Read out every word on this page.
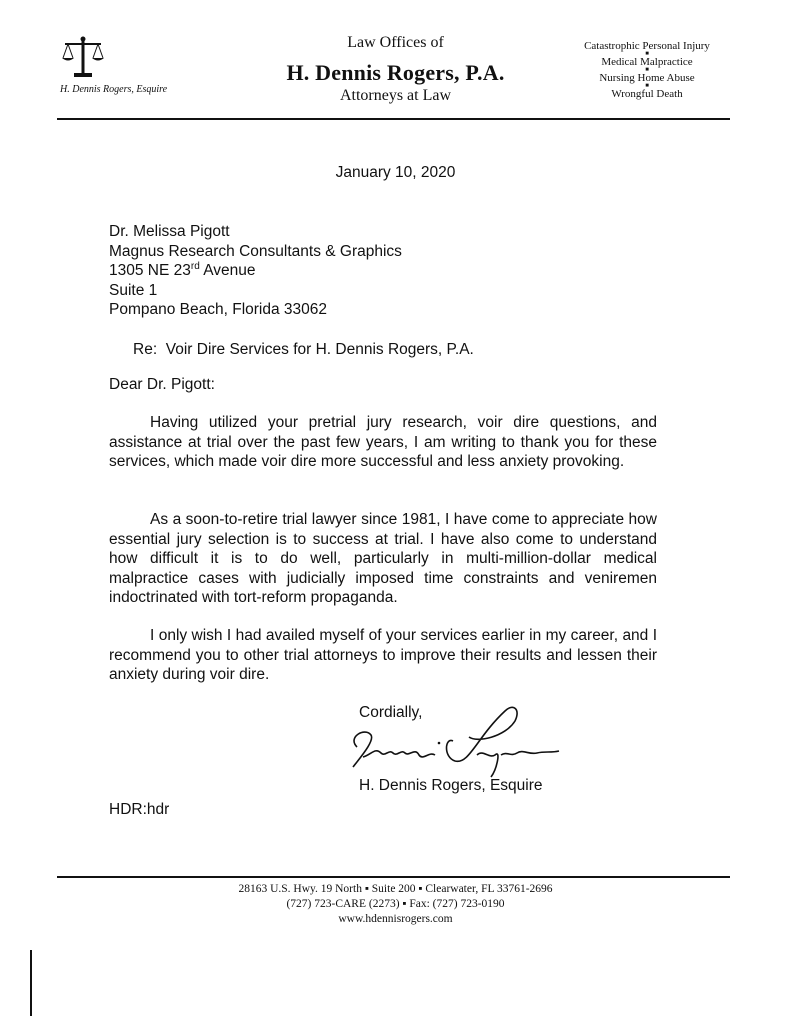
H. Dennis Rogers, Esquire
Law Offices of
H. Dennis Rogers, P.A.
Attorneys at Law
Catastrophic Personal Injury
■
Medical Malpractice
■
Nursing Home Abuse
■
Wrongful Death
January 10, 2020
Dr. Melissa Pigott
Magnus Research Consultants & Graphics
1305 NE 23rd Avenue
Suite 1
Pompano Beach, Florida 33062
Re:  Voir Dire Services for H. Dennis Rogers, P.A.
Dear Dr. Pigott:

Having utilized your pretrial jury research, voir dire questions, and assistance at trial over the past few years, I am writing to thank you for these services, which made voir dire more successful and less anxiety provoking.

As a soon-to-retire trial lawyer since 1981, I have come to appreciate how essential jury selection is to success at trial. I have also come to understand how difficult it is to do well, particularly in multi-million-dollar medical malpractice cases with judicially imposed time constraints and veniremen indoctrinated with tort-reform propaganda.

I only wish I had availed myself of your services earlier in my career, and I recommend you to other trial attorneys to improve their results and lessen their anxiety during voir dire.

Cordially,
H. Dennis Rogers, Esquire
HDR:hdr
28163 U.S. Hwy. 19 North ▪ Suite 200 ▪ Clearwater, FL 33761-2696
(727) 723-CARE (2273) ▪ Fax: (727) 723-0190
www.hdennisrogers.com
